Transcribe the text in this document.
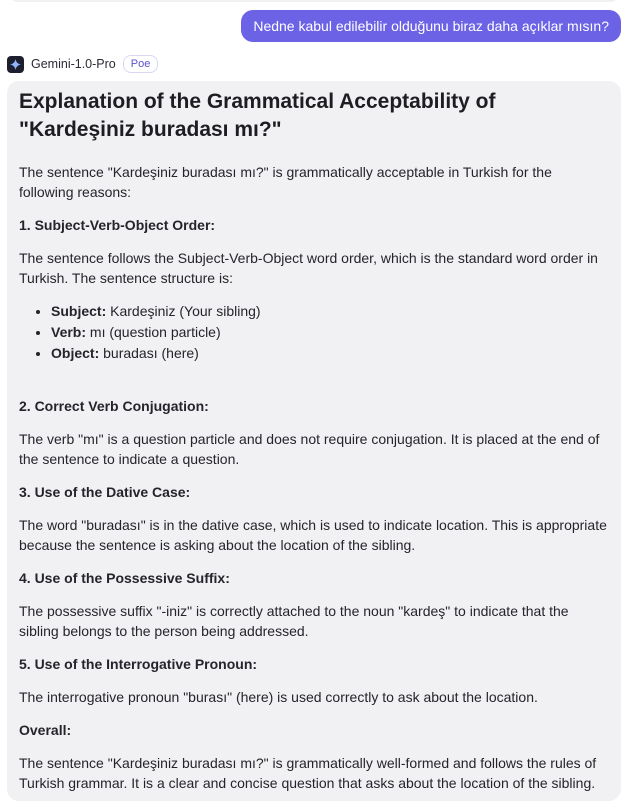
Nedne kabul edilebilir olduğunu biraz daha açıklar mısın?
Gemini-1.0-Pro	Poe
Explanation of the Grammatical Acceptability of "Kardeşiniz buradası mı?"

The sentence "Kardeşiniz buradası mı?" is grammatically acceptable in Turkish for the following reasons:

1. Subject-Verb-Object Order:

The sentence follows the Subject-Verb-Object word order, which is the standard word order in Turkish. The sentence structure is:

• Subject: Kardeşiniz (Your sibling)
• Verb: mı (question particle)
• Object: buradası (here)

2. Correct Verb Conjugation:

The verb "mı" is a question particle and does not require conjugation. It is placed at the end of the sentence to indicate a question.

3. Use of the Dative Case:

The word "buradası" is in the dative case, which is used to indicate location. This is appropriate because the sentence is asking about the location of the sibling.

4. Use of the Possessive Suffix:

The possessive suffix "-iniz" is correctly attached to the noun "kardeş" to indicate that the sibling belongs to the person being addressed.

5. Use of the Interrogative Pronoun:

The interrogative pronoun "burası" (here) is used correctly to ask about the location.

Overall:

The sentence "Kardeşiniz buradası mı?" is grammatically well-formed and follows the rules of Turkish grammar. It is a clear and concise question that asks about the location of the sibling.
